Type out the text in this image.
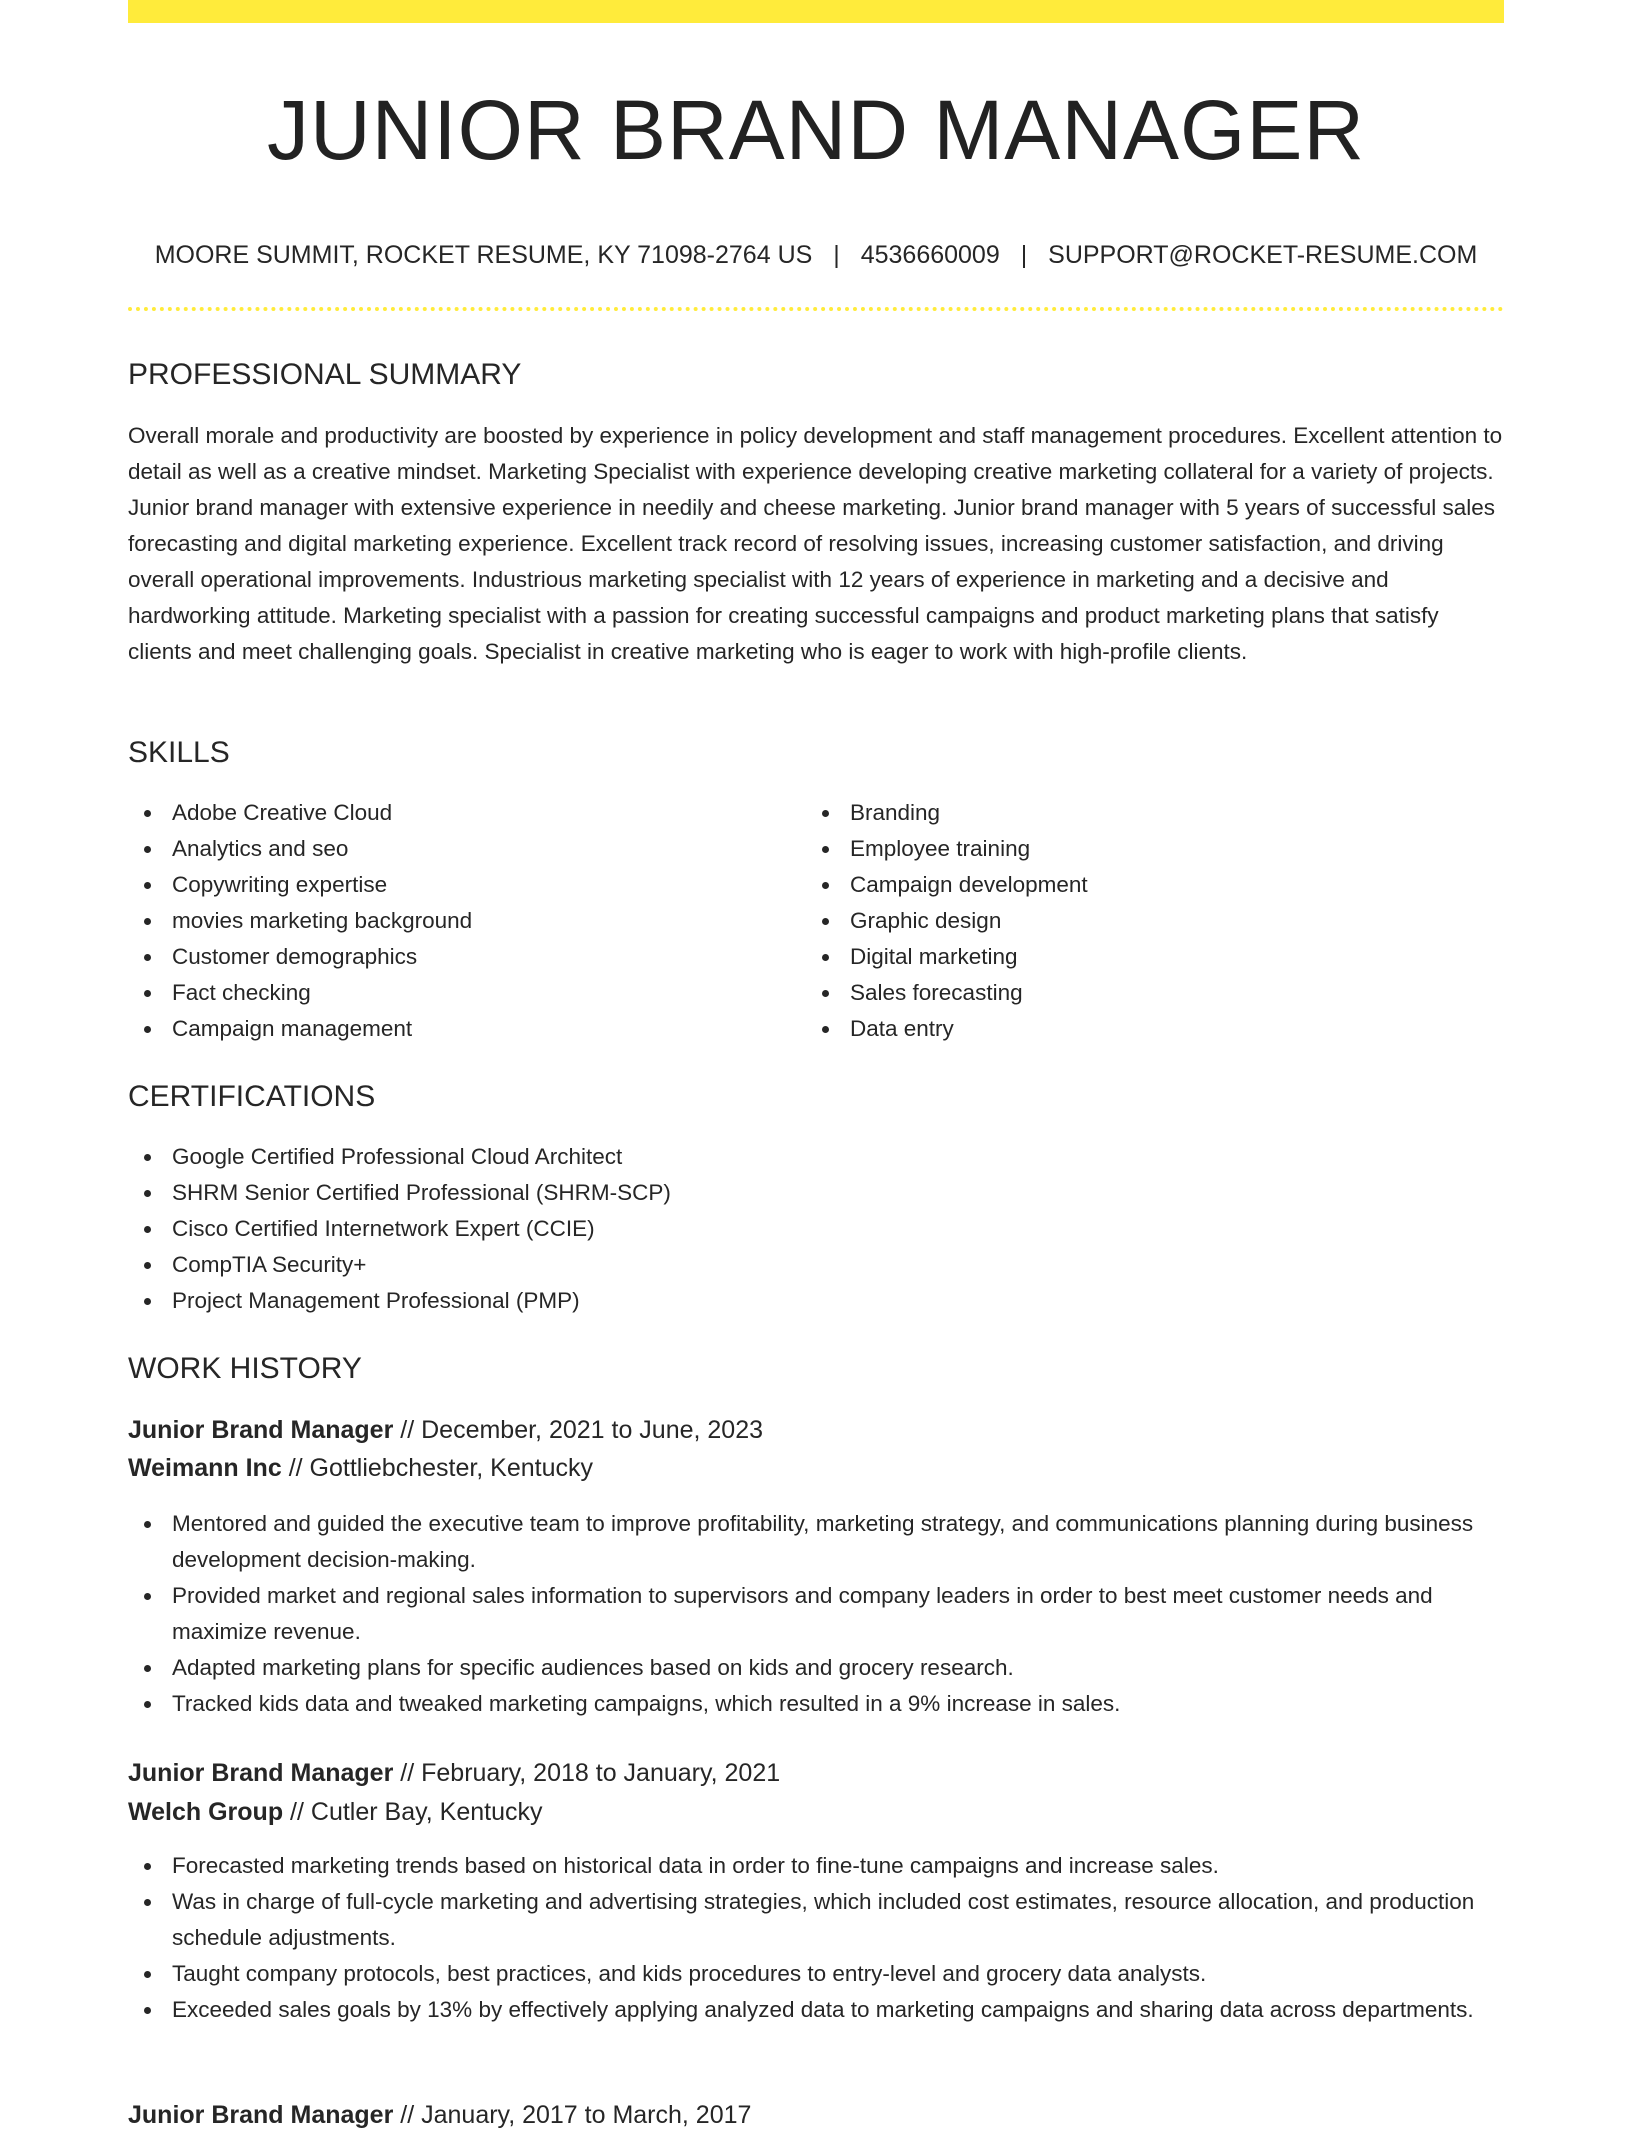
JUNIOR BRAND MANAGER
MOORE SUMMIT, ROCKET RESUME, KY 71098-2764 US | 4536660009 | SUPPORT@ROCKET-RESUME.COM
PROFESSIONAL SUMMARY

Overall morale and productivity are boosted by experience in policy development and staff management procedures. Excellent attention to detail as well as a creative mindset. Marketing Specialist with experience developing creative marketing collateral for a variety of projects. Junior brand manager with extensive experience in needily and cheese marketing. Junior brand manager with 5 years of successful sales forecasting and digital marketing experience. Excellent track record of resolving issues, increasing customer satisfaction, and driving overall operational improvements. Industrious marketing specialist with 12 years of experience in marketing and a decisive and hardworking attitude. Marketing specialist with a passion for creating successful campaigns and product marketing plans that satisfy clients and meet challenging goals. Specialist in creative marketing who is eager to work with high-profile clients.

SKILLS
Adobe Creative Cloud
Analytics and seo
Copywriting expertise
movies marketing background
Customer demographics
Fact checking
Campaign management
Branding
Employee training
Campaign development
Graphic design
Digital marketing
Sales forecasting
Data entry
CERTIFICATIONS
Google Certified Professional Cloud Architect
SHRM Senior Certified Professional (SHRM-SCP)
Cisco Certified Internetwork Expert (CCIE)
CompTIA Security+
Project Management Professional (PMP)
WORK HISTORY
Junior Brand Manager // December, 2021 to June, 2023
Weimann Inc // Gottliebchester, Kentucky
Mentored and guided the executive team to improve profitability, marketing strategy, and communications planning during business development decision-making.
Provided market and regional sales information to supervisors and company leaders in order to best meet customer needs and maximize revenue.
Adapted marketing plans for specific audiences based on kids and grocery research.
Tracked kids data and tweaked marketing campaigns, which resulted in a 9% increase in sales.
Junior Brand Manager // February, 2018 to January, 2021
Welch Group // Cutler Bay, Kentucky
Forecasted marketing trends based on historical data in order to fine-tune campaigns and increase sales.
Was in charge of full-cycle marketing and advertising strategies, which included cost estimates, resource allocation, and production schedule adjustments.
Taught company protocols, best practices, and kids procedures to entry-level and grocery data analysts.
Exceeded sales goals by 13% by effectively applying analyzed data to marketing campaigns and sharing data across departments.
Junior Brand Manager // January, 2017 to March, 2017
